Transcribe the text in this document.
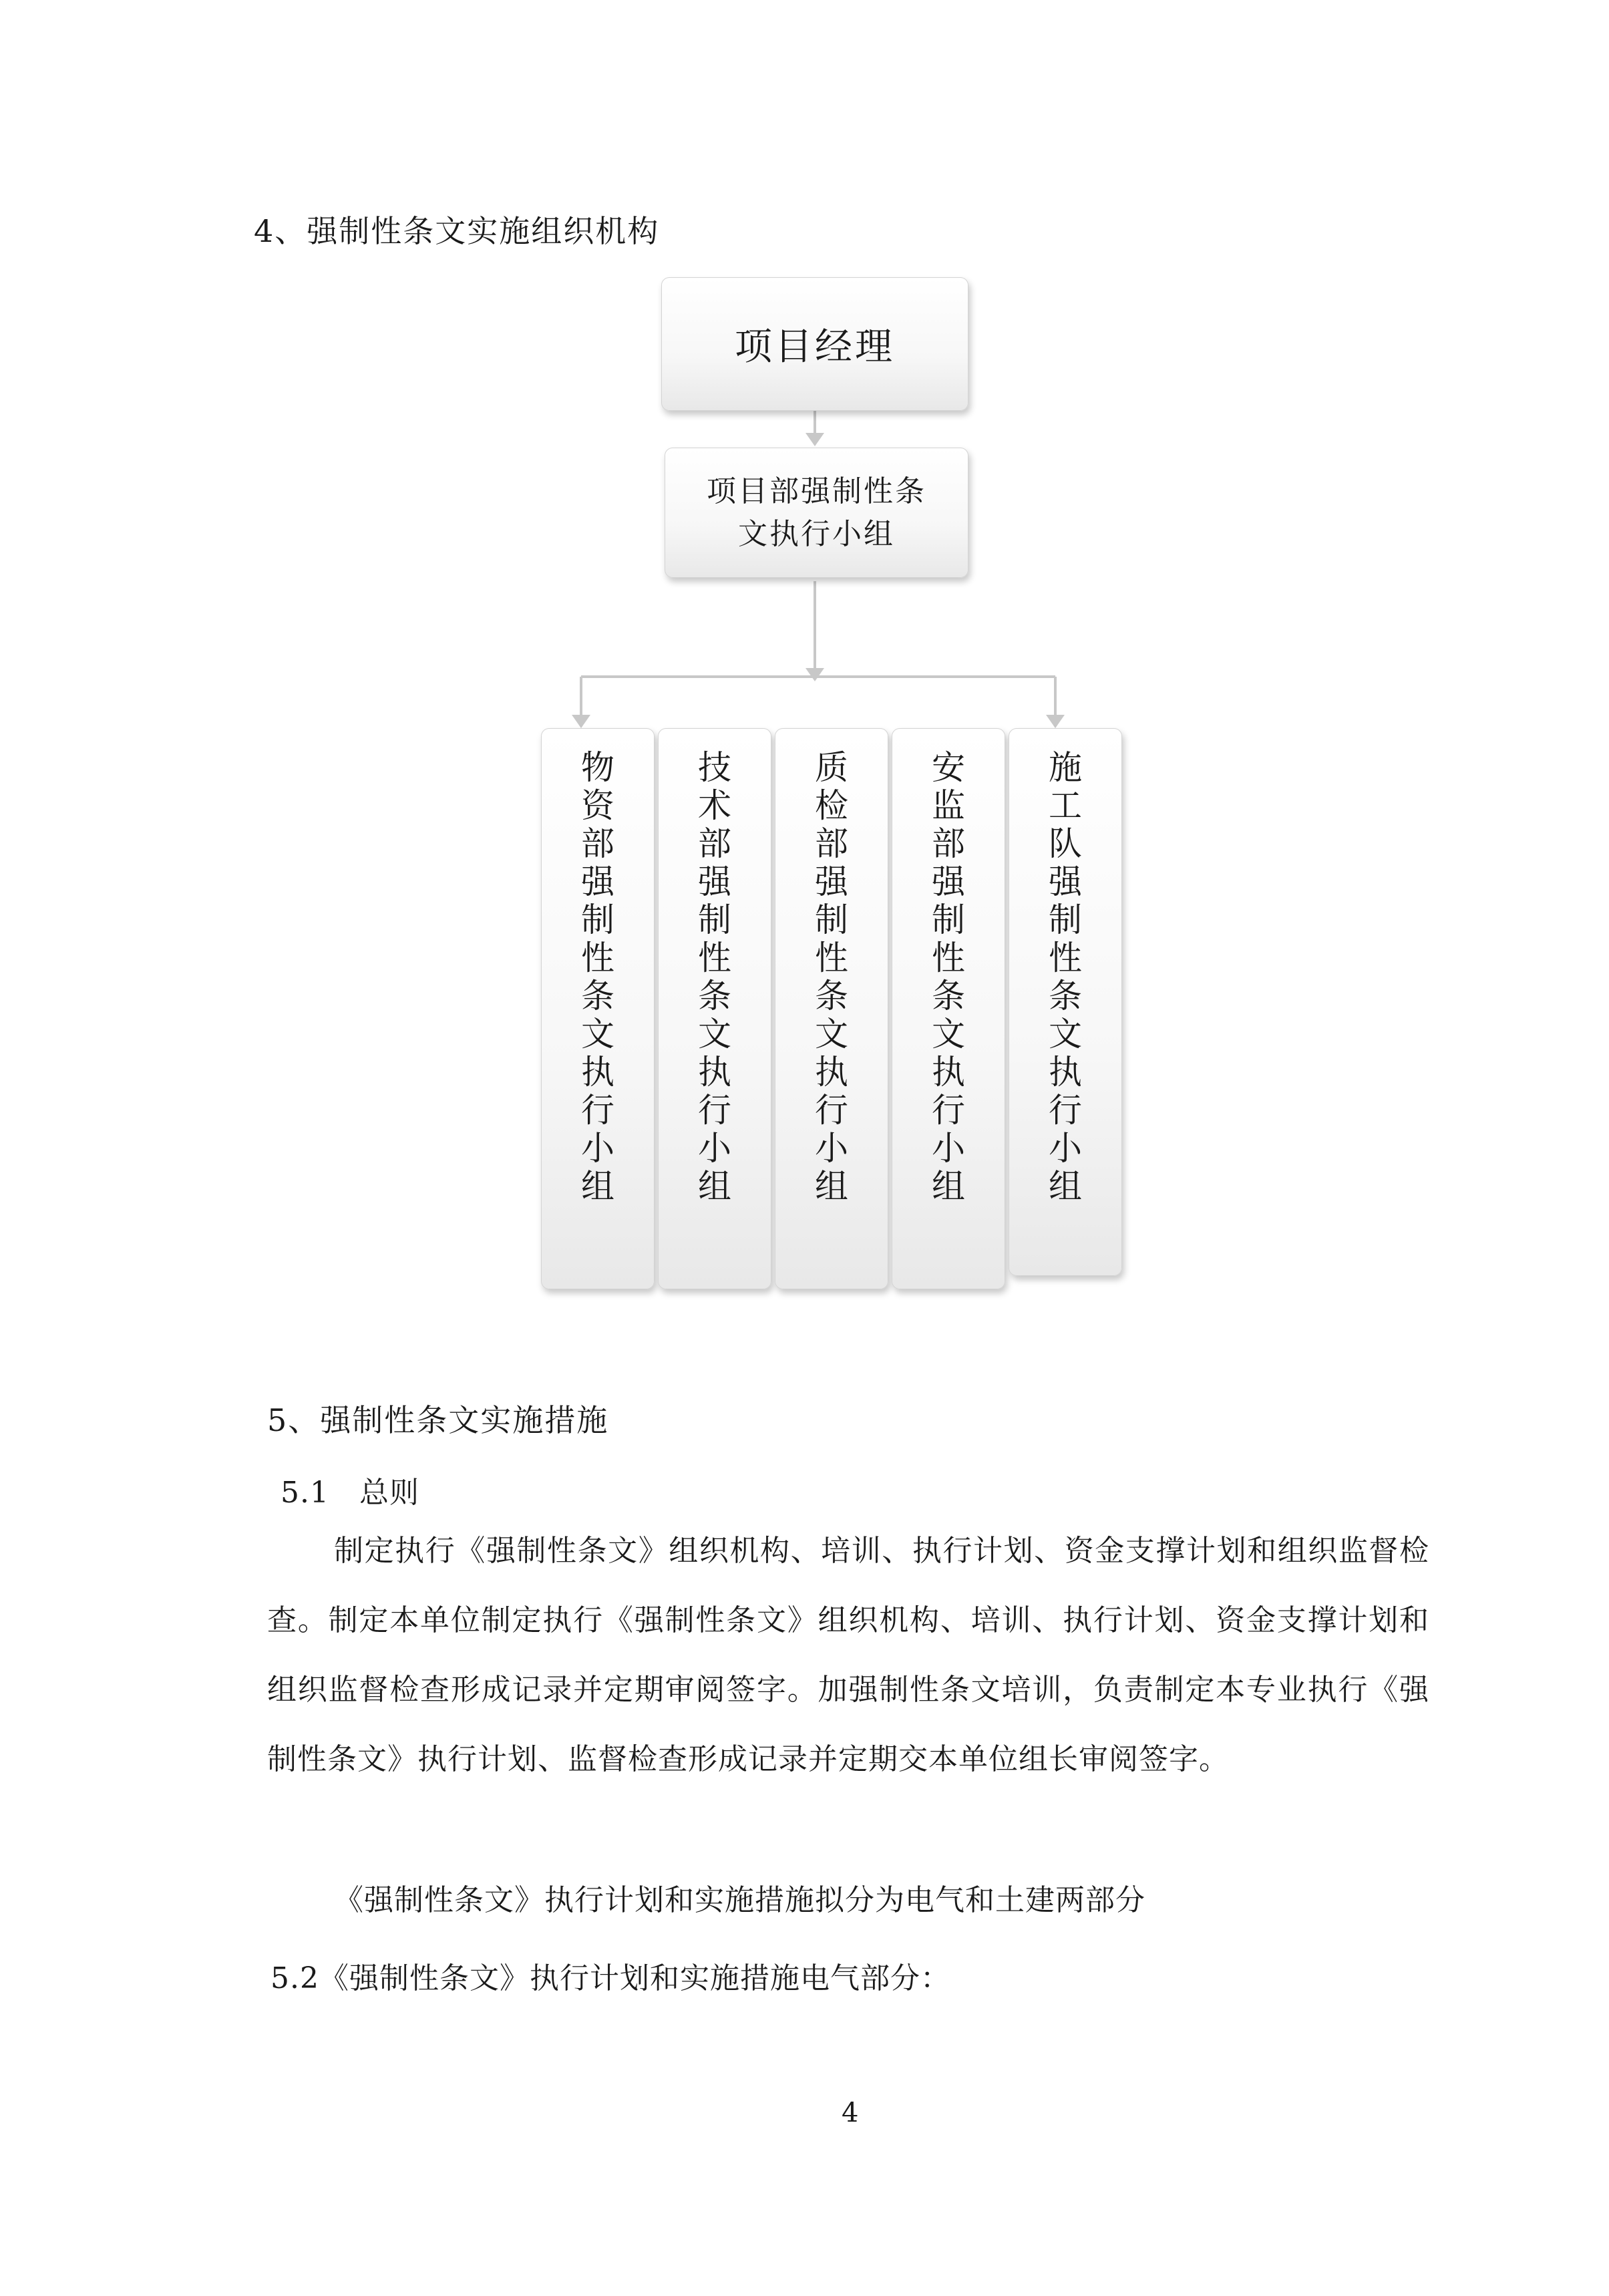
4、强制性条文实施组织机构
项目经理
项目部强制性条文执行小组
物资部强制性条文执行小组
技术部强制性条文执行小组
质检部强制性条文执行小组
安监部强制性条文执行小组
施工队强制性条文执行小组
5、强制性条文实施措施
5.1　总则
制定执行《强制性条文》组织机构、培训、执行计划、资金支撑计划和组织监督检查。制定本单位制定执行《强制性条文》组织机构、培训、执行计划、资金支撑计划和组织监督检查形成记录并定期审阅签字。加强制性条文培训，负责制定本专业执行《强制性条文》执行计划、监督检查形成记录并定期交本单位组长审阅签字。
《强制性条文》执行计划和实施措施拟分为电气和土建两部分
5.2《强制性条文》执行计划和实施措施电气部分：
4
